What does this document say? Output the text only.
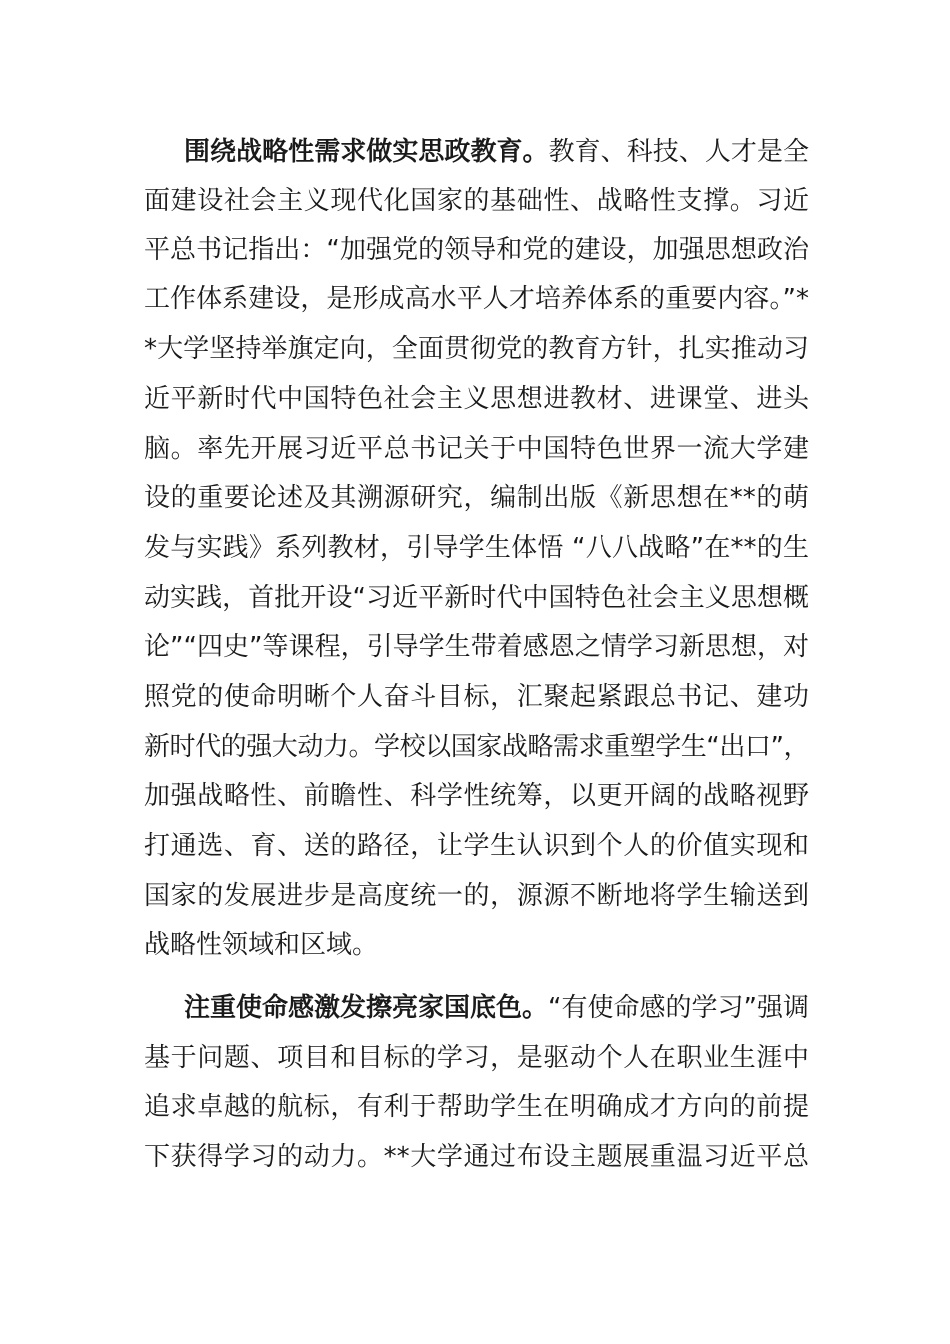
围绕战略性需求做实思政教育。教育、科技、人才是全
面建设社会主义现代化国家的基础性、战略性支撑。习近
平总书记指出：“加强党的领导和党的建设，加强思想政治
工作体系建设，是形成高水平人才培养体系的重要内容。”*
*大学坚持举旗定向，全面贯彻党的教育方针，扎实推动习
近平新时代中国特色社会主义思想进教材、进课堂、进头
脑。率先开展习近平总书记关于中国特色世界一流大学建
设的重要论述及其溯源研究，编制出版《新思想在**的萌
发与实践》系列教材，引导学生体悟 “八八战略”在**的生
动实践，首批开设“习近平新时代中国特色社会主义思想概
论”“四史”等课程，引导学生带着感恩之情学习新思想，对
照党的使命明晰个人奋斗目标，汇聚起紧跟总书记、建功
新时代的强大动力。学校以国家战略需求重塑学生“出口”，
加强战略性、前瞻性、科学性统筹，以更开阔的战略视野
打通选、育、送的路径，让学生认识到个人的价值实现和
国家的发展进步是高度统一的，源源不断地将学生输送到
战略性领域和区域。
注重使命感激发擦亮家国底色。“有使命感的学习”强调
基于问题、项目和目标的学习，是驱动个人在职业生涯中
追求卓越的航标，有利于帮助学生在明确成才方向的前提
下获得学习的动力。**大学通过布设主题展重温习近平总
